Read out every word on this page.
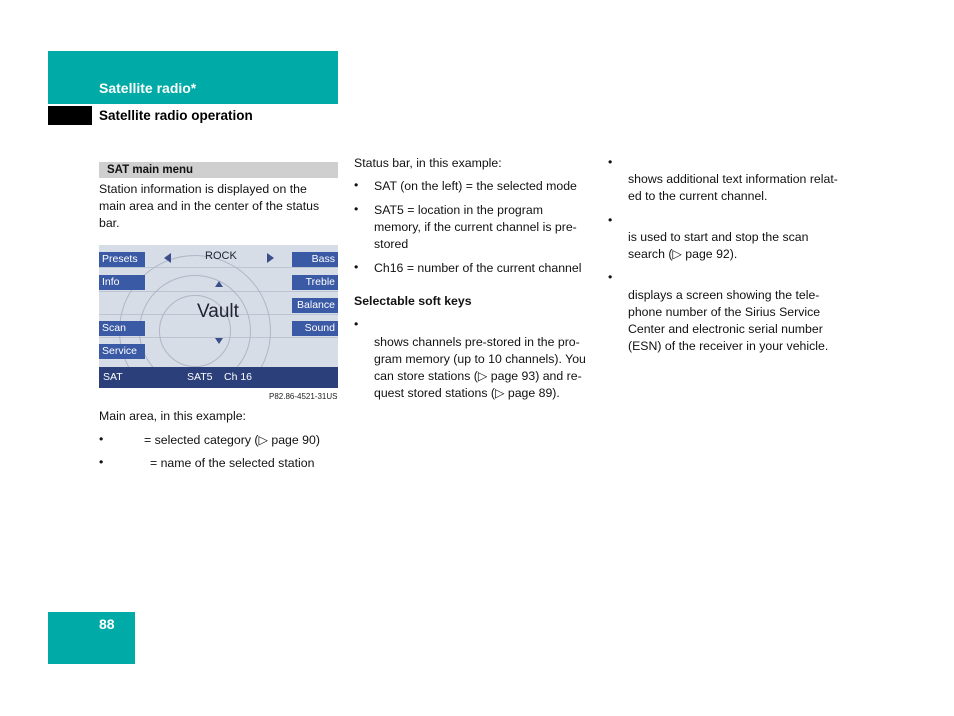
Satellite radio*
Satellite radio operation
SAT main menu
Station information is displayed on the
main area and in the center of the status
bar.
Presets
Info
Scan
Service
Bass
Treble
Balance
Sound
ROCK
Vault
SAT	SAT5 Ch 16
P82.86-4521-31US
Main area, in this example:
•	= selected category (▷ page 90)
•	= name of the selected station
Status bar, in this example:
• SAT (on the left) = the selected mode
• SAT5 = location in the program
memory, if the current channel is pre-
stored
• Ch16 = number of the current channel
Selectable soft keys
•
shows channels pre-stored in the pro-
gram memory (up to 10 channels). You
can store stations (▷ page 93) and re-
quest stored stations (▷ page 89).
•
shows additional text information relat-
ed to the current channel.
•
is used to start and stop the scan
search (▷ page 92).
•
displays a screen showing the tele-
phone number of the Sirius Service
Center and electronic serial number
(ESN) of the receiver in your vehicle.
88
